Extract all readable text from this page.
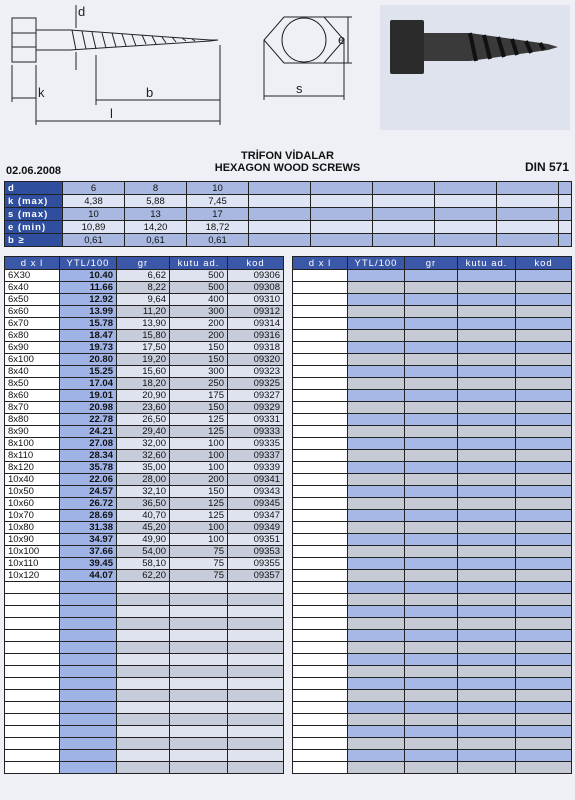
d
k	b
l
e
s
02.06.2008
TRİFON VİDALAR
HEXAGON WOOD SCREWS	DIN 571
d	6	8	10						
k (max)	4,38	5,88	7,45						
s (max)	10	13	17						
e (min)	10,89	14,20	18,72						
b ≥	0,61	0,61	0,61						
d x l	YTL/100	gr	kutu ad.	kod
6X30	10.40	6,62	500	09306
6x40	11.66	8,22	500	09308
6x50	12.92	9,64	400	09310
6x60	13.99	11,20	300	09312
6x70	15.78	13,90	200	09314
6x80	18.47	15,80	200	09316
6x90	19.73	17,50	150	09318
6x100	20.80	19,20	150	09320
8x40	15.25	15,60	300	09323
8x50	17.04	18,20	250	09325
8x60	19.01	20,90	175	09327
8x70	20.98	23,60	150	09329
8x80	22.78	26,50	125	09331
8x90	24.21	29,40	125	09333
8x100	27.08	32,00	100	09335
8x110	28.34	32,60	100	09337
8x120	35.78	35,00	100	09339
10x40	22.06	28,00	200	09341
10x50	24.57	32,10	150	09343
10x60	26.72	36,50	125	09345
10x70	28.69	40,70	125	09347
10x80	31.38	45,20	100	09349
10x90	34.97	49,90	100	09351
10x100	37.66	54,00	75	09353
10x110	39.45	58,10	75	09355
10x120	44.07	62,20	75	09357

d x l	YTL/100	gr	kutu ad.	kod
